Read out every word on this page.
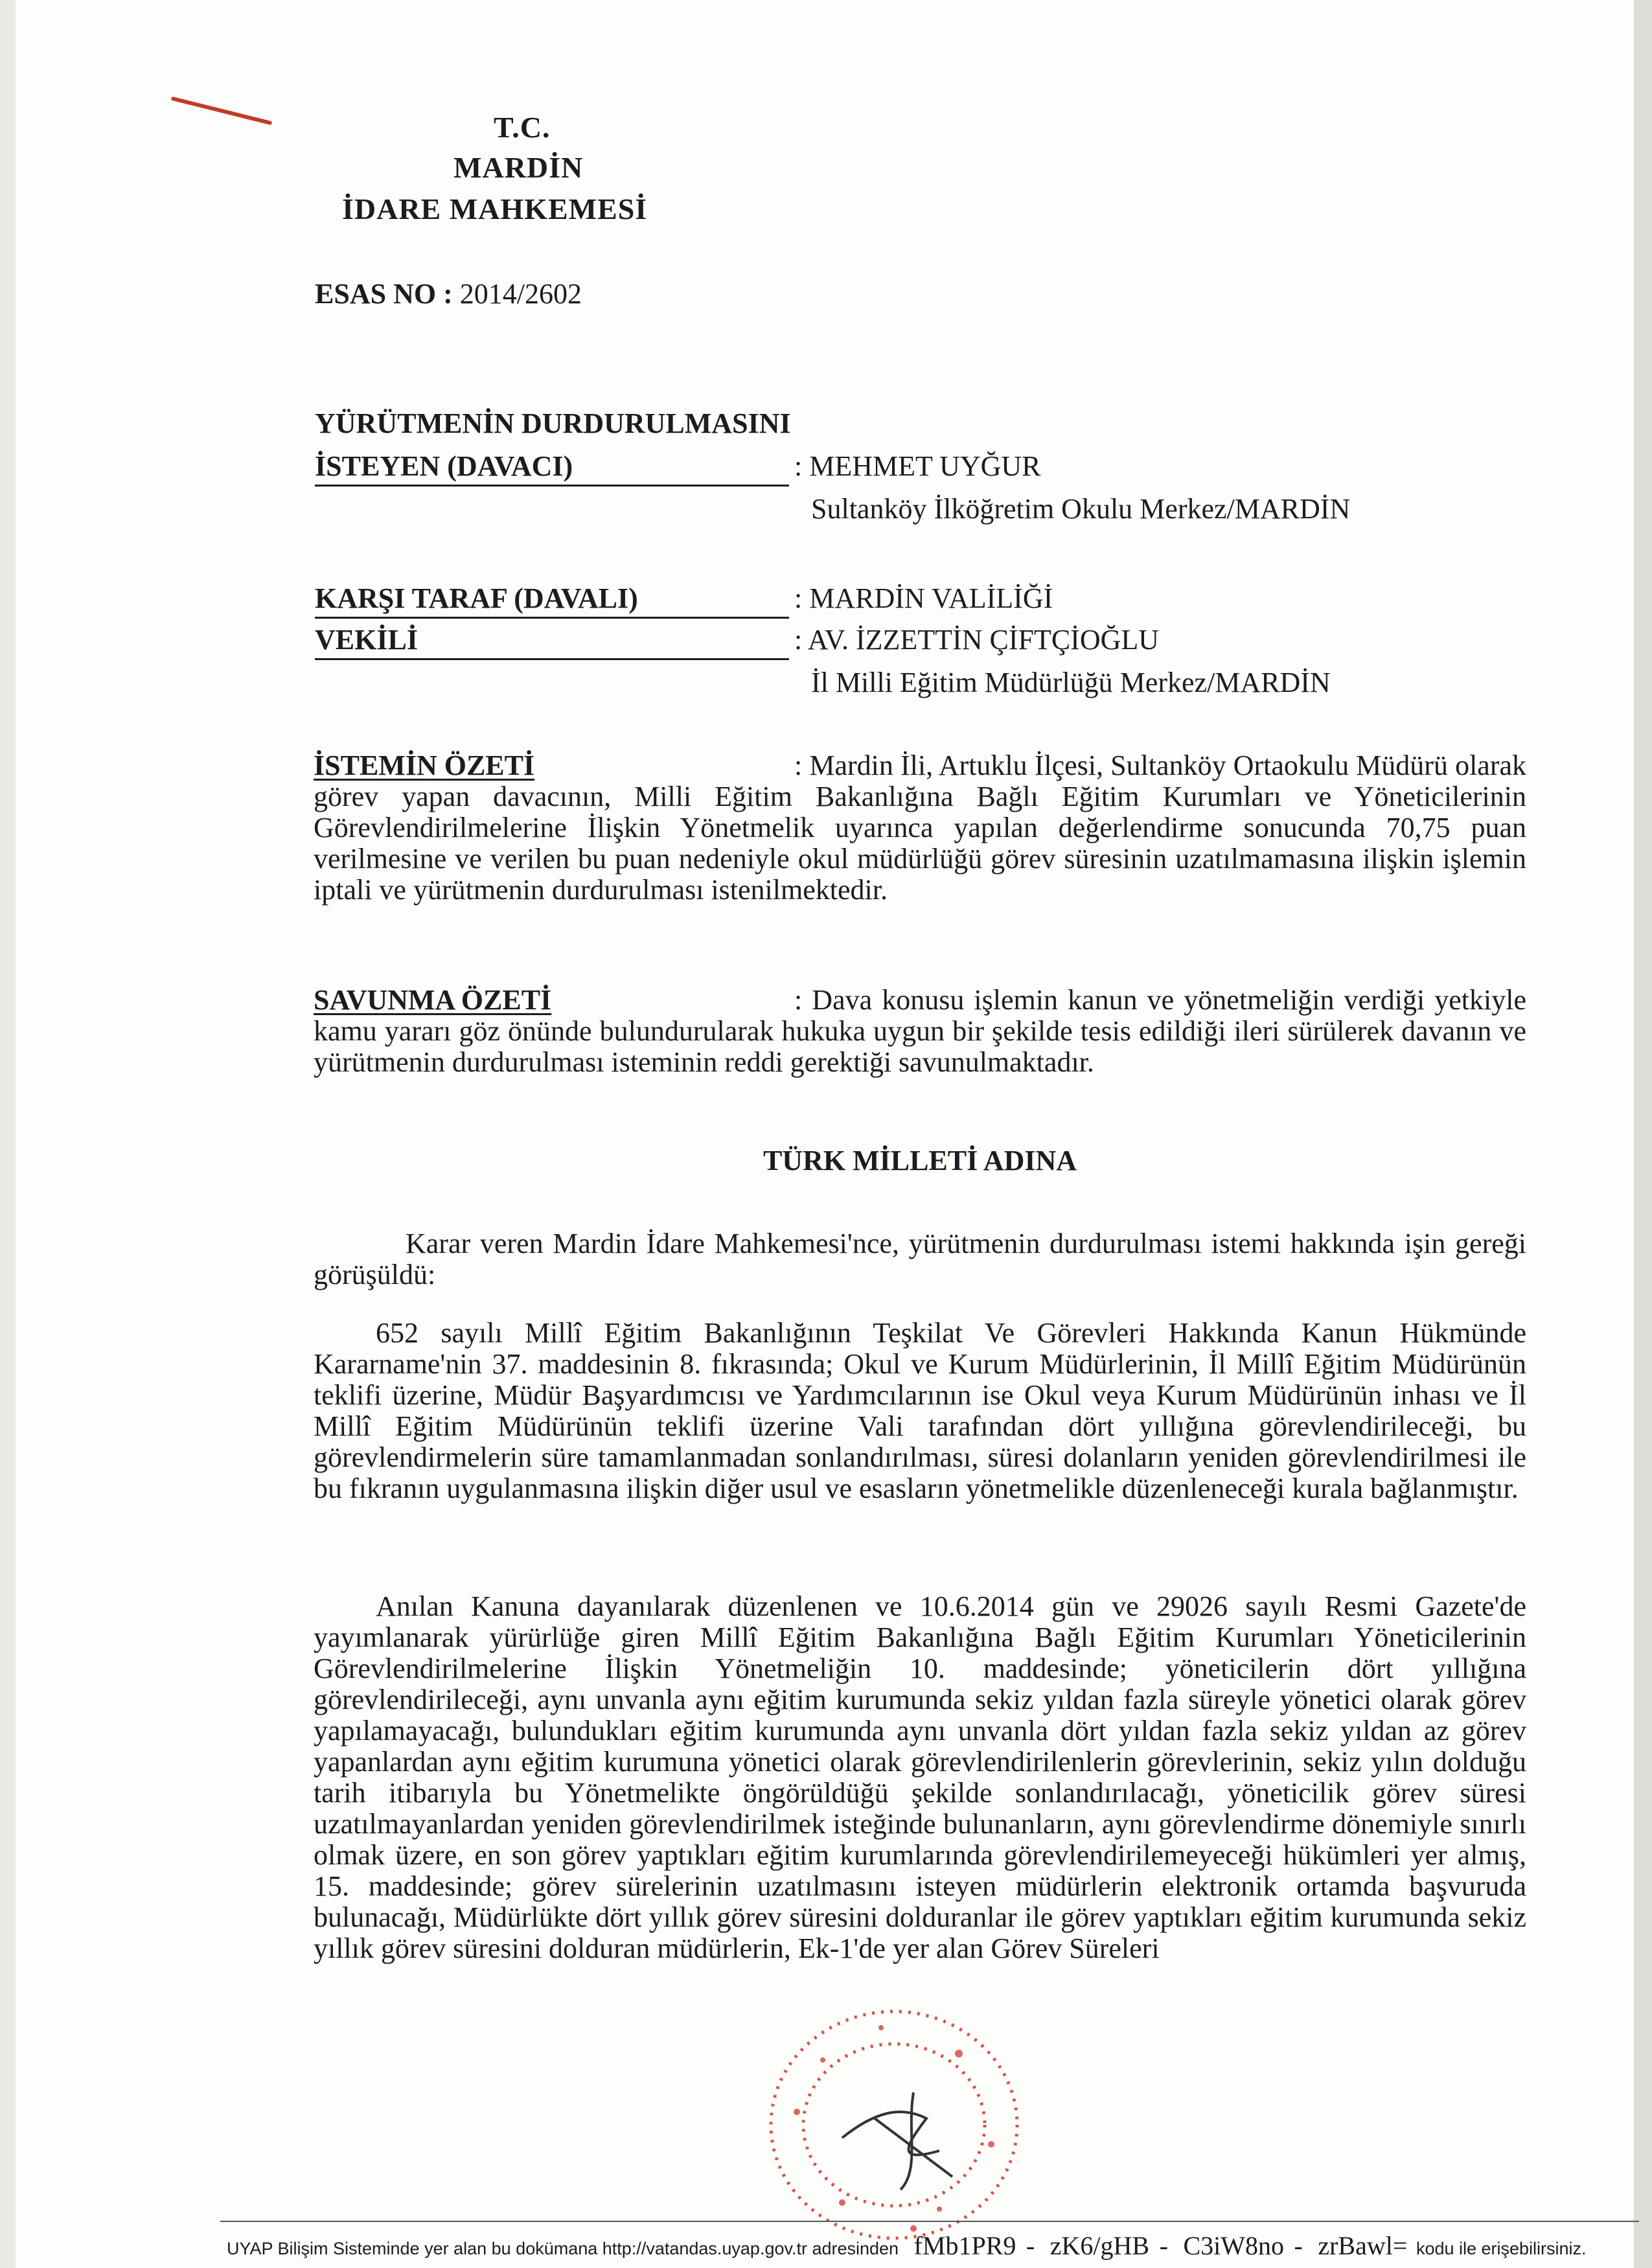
T.C.
MARDİN
İDARE MAHKEMESİ
ESAS NO : 2014/2602
YÜRÜTMENİN DURDURULMASINI
İSTEYEN (DAVACI)	: MEHMET UYĞUR
Sultanköy İlköğretim Okulu Merkez/MARDİN
KARŞI TARAF (DAVALI)	: MARDİN VALİLİĞİ
VEKİLİ	: AV. İZZETTİN ÇİFTÇİOĞLU
İl Milli Eğitim Müdürlüğü Merkez/MARDİN

İSTEMİN ÖZETİ	: Mardin İli, Artuklu İlçesi, Sultanköy Ortaokulu Müdürü olarak görev yapan davacının, Milli Eğitim Bakanlığına Bağlı Eğitim Kurumları ve Yöneticilerinin Görevlendirilmelerine İlişkin Yönetmelik uyarınca yapılan değerlendirme sonucunda 70,75 puan verilmesine ve verilen bu puan nedeniyle okul müdürlüğü görev süresinin uzatılmamasına ilişkin işlemin iptali ve yürütmenin durdurulması istenilmektedir.

SAVUNMA ÖZETİ	: Dava konusu işlemin kanun ve yönetmeliğin verdiği yetkiyle kamu yararı göz önünde bulundurularak hukuka uygun bir şekilde tesis edildiği ileri sürülerek davanın ve yürütmenin durdurulması isteminin reddi gerektiği savunulmaktadır.

TÜRK MİLLETİ ADINA

Karar veren Mardin İdare Mahkemesi'nce, yürütmenin durdurulması istemi hakkında işin gereği görüşüldü:

652 sayılı Millî Eğitim Bakanlığının Teşkilat Ve Görevleri Hakkında Kanun Hükmünde Kararname'nin 37. maddesinin 8. fıkrasında; Okul ve Kurum Müdürlerinin, İl Millî Eğitim Müdürünün teklifi üzerine, Müdür Başyardımcısı ve Yardımcılarının ise Okul veya Kurum Müdürünün inhası ve İl Millî Eğitim Müdürünün teklifi üzerine Vali tarafından dört yıllığına görevlendirileceği, bu görevlendirmelerin süre tamamlanmadan sonlandırılması, süresi dolanların yeniden görevlendirilmesi ile bu fıkranın uygulanmasına ilişkin diğer usul ve esasların yönetmelikle düzenleneceği kurala bağlanmıştır.

Anılan Kanuna dayanılarak düzenlenen ve 10.6.2014 gün ve 29026 sayılı Resmi Gazete'de yayımlanarak yürürlüğe giren Millî Eğitim Bakanlığına Bağlı Eğitim Kurumları Yöneticilerinin Görevlendirilmelerine İlişkin Yönetmeliğin 10. maddesinde; yöneticilerin dört yıllığına görevlendirileceği, aynı unvanla aynı eğitim kurumunda sekiz yıldan fazla süreyle yönetici olarak görev yapılamayacağı, bulundukları eğitim kurumunda aynı unvanla dört yıldan fazla sekiz yıldan az görev yapanlardan aynı eğitim kurumuna yönetici olarak görevlendirilenlerin görevlerinin, sekiz yılın dolduğu tarih itibarıyla bu Yönetmelikte öngörüldüğü şekilde sonlandırılacağı, yöneticilik görev süresi uzatılmayanlardan yeniden görevlendirilmek isteğinde bulunanların, aynı görevlendirme dönemiyle sınırlı olmak üzere, en son görev yaptıkları eğitim kurumlarında görevlendirilemeyeceği hükümleri yer almış, 15. maddesinde; görev sürelerinin uzatılmasını isteyen müdürlerin elektronik ortamda başvuruda bulunacağı, Müdürlükte dört yıllık görev süresini dolduranlar ile görev yaptıkları eğitim kurumunda sekiz yıllık görev süresini dolduran müdürlerin, Ek-1'de yer alan Görev Süreleri

UYAP Bilişim Sisteminde yer alan bu dokümana http://vatandas.uyap.gov.tr adresinden fMb1PR9 - zK6/gHB - C3iW8no - zrBawl= kodu ile erişebilirsiniz.
